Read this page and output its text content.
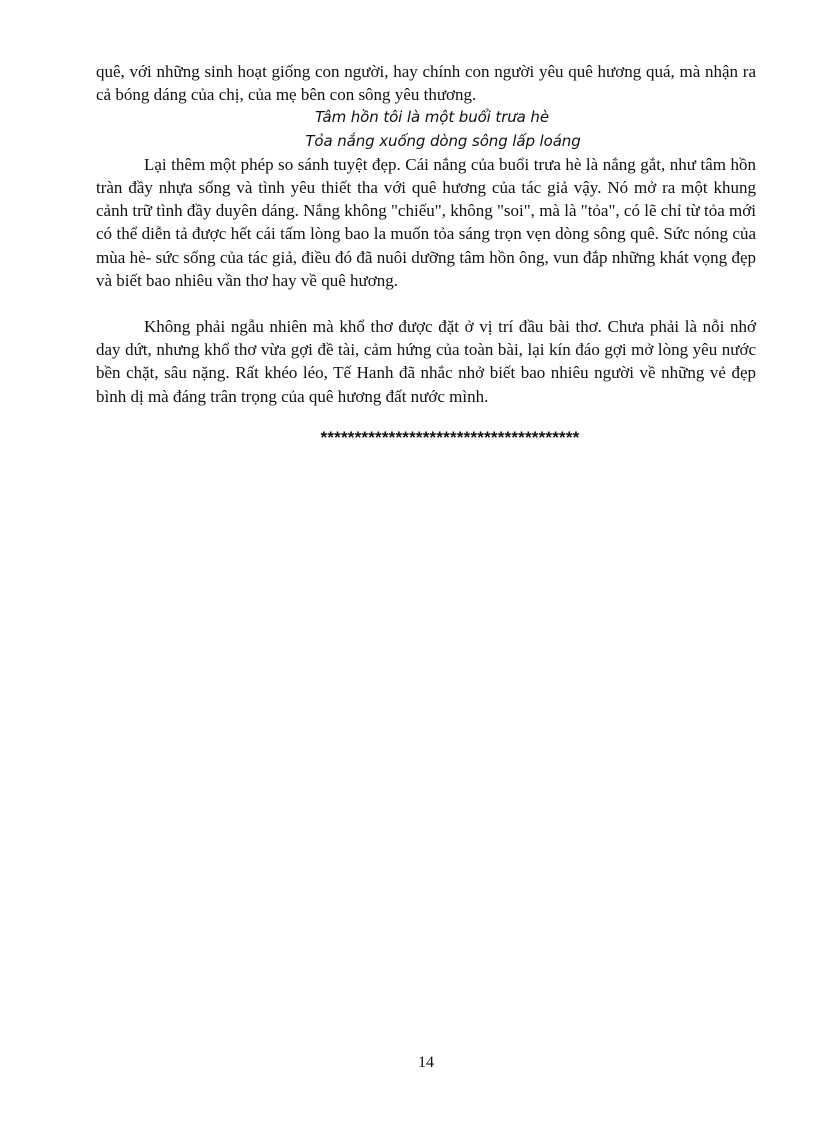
quê, với những sinh hoạt giống con người, hay chính con người yêu quê hương quá, mà nhận ra cả bóng dáng của chị, của mẹ bên con sông yêu thương.

Tâm hồn tôi là một buổi trưa hè

Tỏa nắng xuống dòng sông lấp loáng

Lại thêm một phép so sánh tuyệt đẹp. Cái nắng của buổi trưa hè là nắng gắt, như tâm hồn tràn đầy nhựa sống và tình yêu thiết tha với quê hương của tác giả vậy. Nó mở ra một khung cảnh trữ tình đầy duyên dáng. Nắng không "chiếu", không "soi", mà là "tỏa", có lẽ chỉ từ tỏa mới có thể diễn tả được hết cái tấm lòng bao la muốn tỏa sáng trọn vẹn dòng sông quê. Sức nóng của mùa hè- sức sống của tác giả, điều đó đã nuôi dưỡng tâm hồn ông, vun đắp những khát vọng đẹp và biết bao nhiêu vần thơ hay về quê hương.

Không phải ngẫu nhiên mà khổ thơ được đặt ở vị trí đầu bài thơ. Chưa phải là nỗi nhớ day dứt, nhưng khổ thơ vừa gợi đề tài, cảm hứng của toàn bài, lại kín đáo gợi mở lòng yêu nước bền chặt, sâu nặng. Rất khéo léo, Tế Hanh đã nhắc nhở biết bao nhiêu người về những vẻ đẹp bình dị mà đáng trân trọng của quê hương đất nước mình.

**************************************
14
